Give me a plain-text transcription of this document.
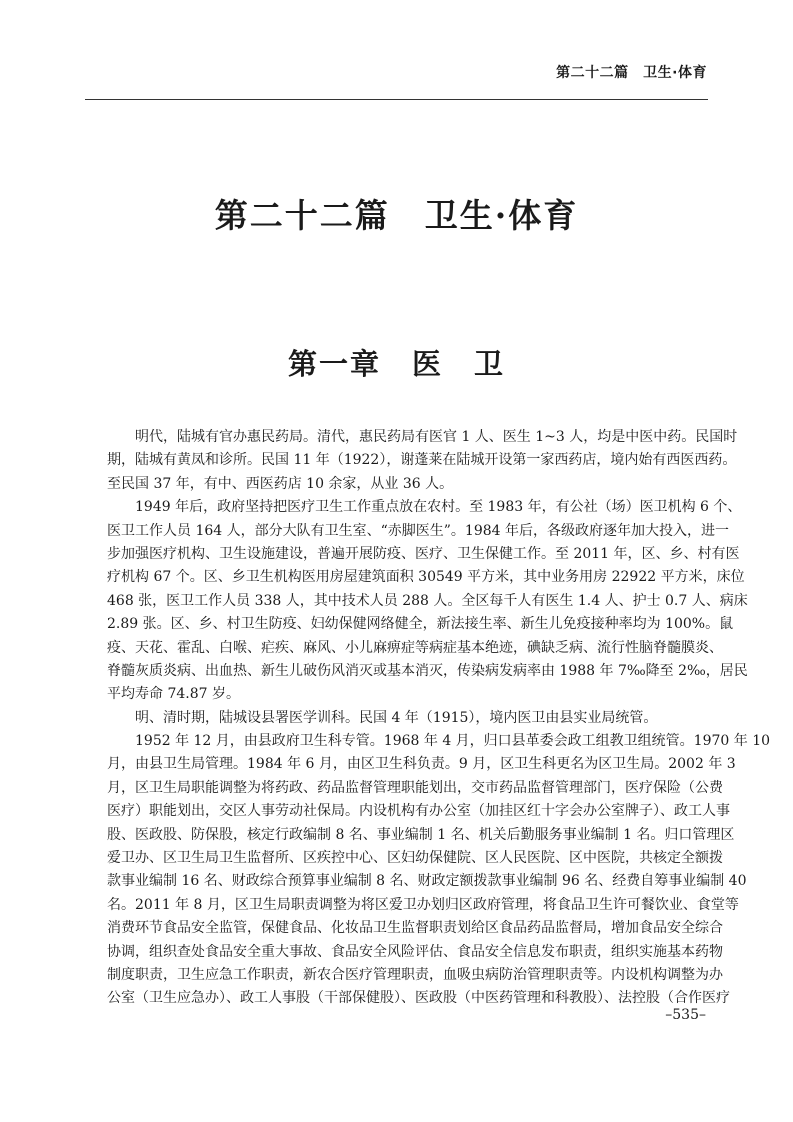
第二十二篇　卫生·体育
第二十二篇　卫生·体育
第一章　医　卫
明代，陆城有官办惠民药局。清代，惠民药局有医官 1 人、医生 1~3 人，均是中医中药。民国时
期，陆城有黄凤和诊所。民国 11 年（1922），谢蓬莱在陆城开设第一家西药店，境内始有西医西药。
至民国 37 年，有中、西医药店 10 余家，从业 36 人。
1949 年后，政府坚持把医疗卫生工作重点放在农村。至 1983 年，有公社（场）医卫机构 6 个、
医卫工作人员 164 人，部分大队有卫生室、“赤脚医生”。1984 年后，各级政府逐年加大投入，进一
步加强医疗机构、卫生设施建设，普遍开展防疫、医疗、卫生保健工作。至 2011 年，区、乡、村有医
疗机构 67 个。区、乡卫生机构医用房屋建筑面积 30549 平方米，其中业务用房 22922 平方米，床位
468 张，医卫工作人员 338 人，其中技术人员 288 人。全区每千人有医生 1.4 人、护士 0.7 人、病床
2.89 张。区、乡、村卫生防疫、妇幼保健网络健全，新法接生率、新生儿免疫接种率均为 100%。鼠
疫、天花、霍乱、白喉、疟疾、麻风、小儿麻痹症等病症基本绝迹，碘缺乏病、流行性脑脊髓膜炎、
脊髓灰质炎病、出血热、新生儿破伤风消灭或基本消灭，传染病发病率由 1988 年 7‰降至 2‰，居民
平均寿命 74.87 岁。
明、清时期，陆城设县署医学训科。民国 4 年（1915），境内医卫由县实业局统管。
1952 年 12 月，由县政府卫生科专管。1968 年 4 月，归口县革委会政工组教卫组统管。1970 年 10
月，由县卫生局管理。1984 年 6 月，由区卫生科负责。9 月，区卫生科更名为区卫生局。2002 年 3
月，区卫生局职能调整为将药政、药品监督管理职能划出，交市药品监督管理部门，医疗保险（公费
医疗）职能划出，交区人事劳动社保局。内设机构有办公室（加挂区红十字会办公室牌子）、政工人事
股、医政股、防保股，核定行政编制 8 名、事业编制 1 名、机关后勤服务事业编制 1 名。归口管理区
爱卫办、区卫生局卫生监督所、区疾控中心、区妇幼保健院、区人民医院、区中医院，共核定全额拨
款事业编制 16 名、财政综合预算事业编制 8 名、财政定额拨款事业编制 96 名、经费自筹事业编制 40
名。2011 年 8 月，区卫生局职责调整为将区爱卫办划归区政府管理，将食品卫生许可餐饮业、食堂等
消费环节食品安全监管，保健食品、化妆品卫生监督职责划给区食品药品监督局，增加食品安全综合
协调，组织查处食品安全重大事故、食品安全风险评估、食品安全信息发布职责，组织实施基本药物
制度职责，卫生应急工作职责，新农合医疗管理职责，血吸虫病防治管理职责等。内设机构调整为办
公室（卫生应急办）、政工人事股（干部保健股）、医政股（中医药管理和科教股）、法控股（合作医疗
–535–
